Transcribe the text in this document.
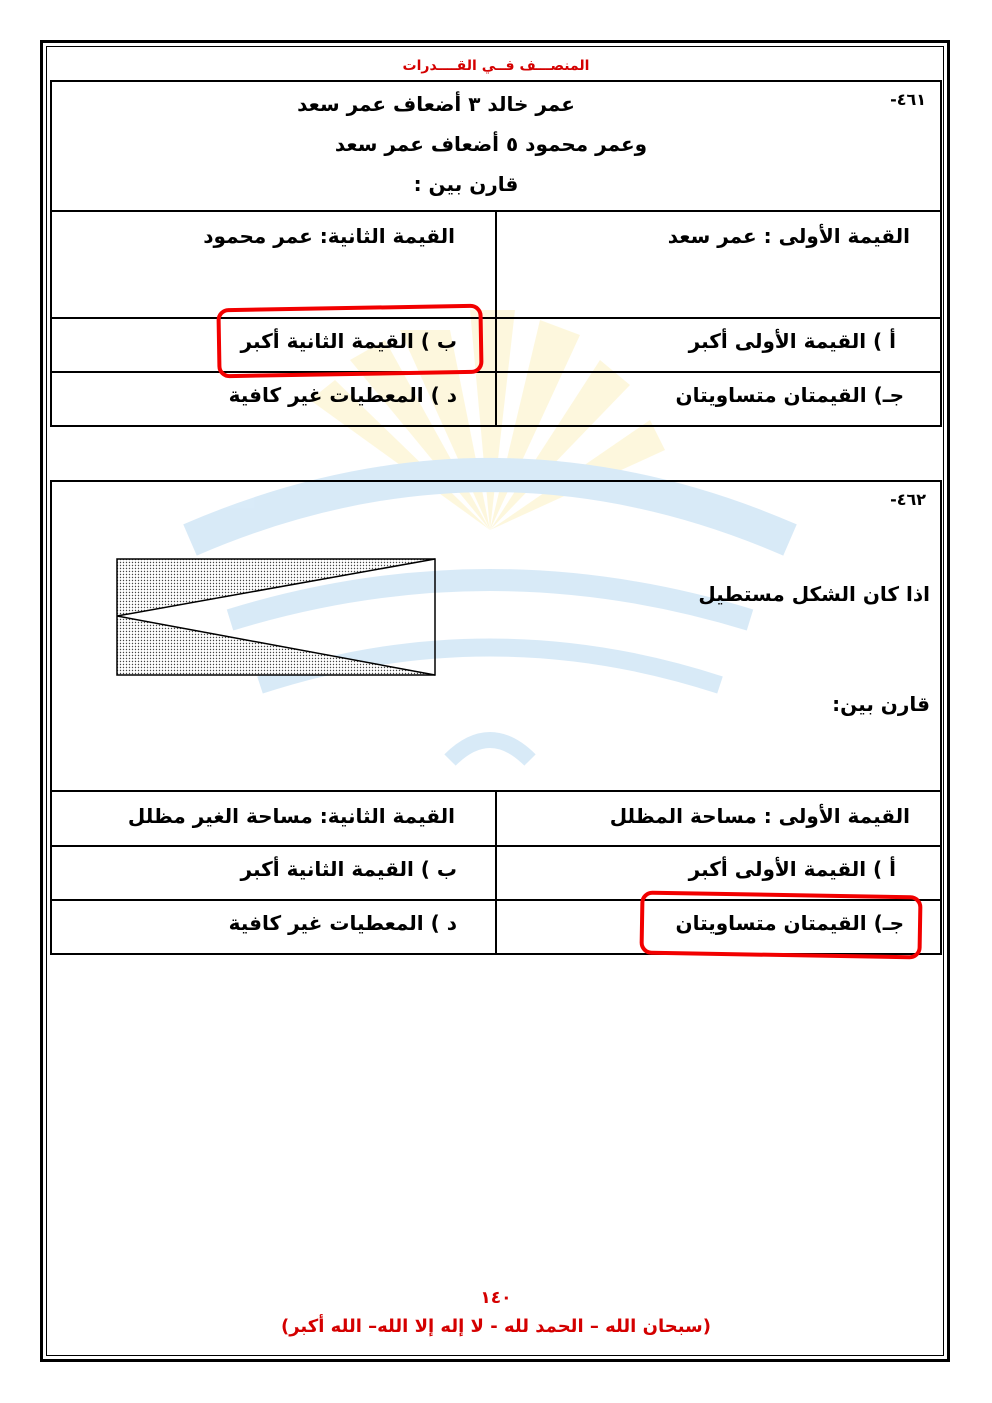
المنصـــف فــي القــــدرات
٤٦١-
عمر خالد ٣ أضعاف عمر سعد
وعمر محمود ٥ أضعاف عمر سعد
قارن بين :	

القيمة الأولى : عمر سعد	القيمة الثانية: عمر محمود

أ ) القيمة الأولى أكبر	ب ) القيمة الثانية أكبر

جـ) القيمتان متساويتان	د ) المعطيات غير كافية
٤٦٢-
اذا كان الشكل مستطيل
قارن بين:	

القيمة الأولى : مساحة المظلل	القيمة الثانية: مساحة الغير مظلل

أ ) القيمة الأولى أكبر	ب ) القيمة الثانية أكبر

جـ) القيمتان متساويتان	د ) المعطيات غير كافية
١٤٠
(سبحان الله – الحمد لله - لا إله إلا الله– الله أكبر)
